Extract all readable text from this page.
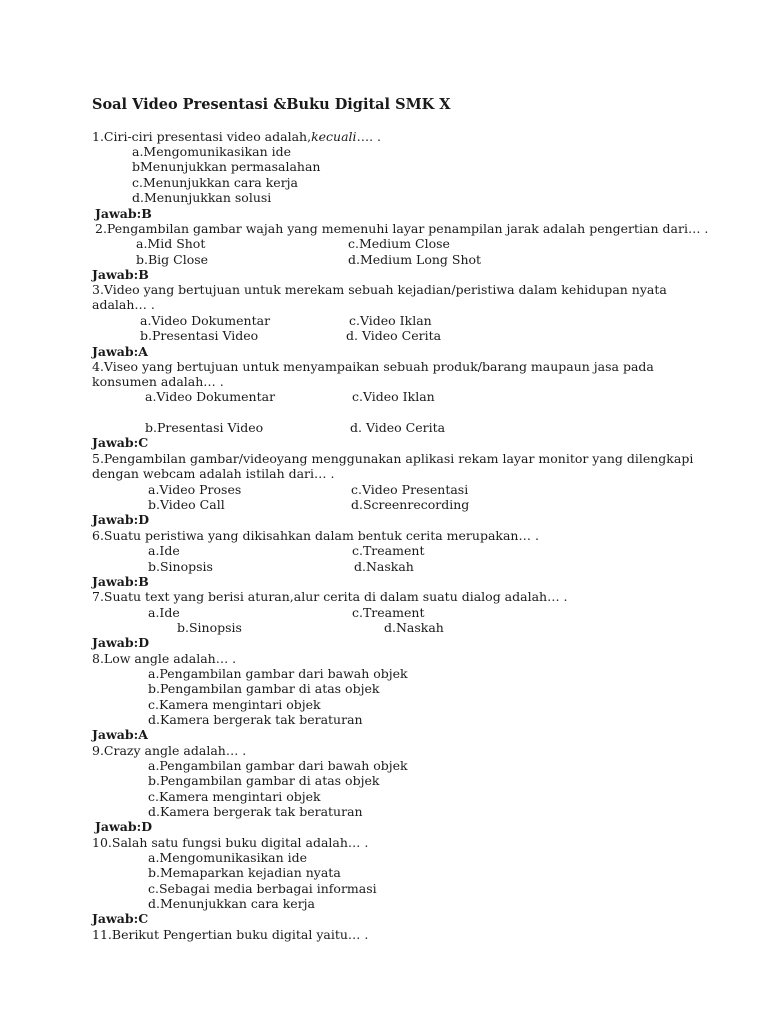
Soal Video Presentasi &Buku Digital SMK X
1.Ciri-ciri presentasi video adalah,kecuali…. .
a.Mengomunikasikan ide
bMenunjukkan permasalahan
c.Menunjukkan cara kerja
d.Menunjukkan solusi
Jawab:B
2.Pengambilan gambar wajah yang memenuhi layar penampilan jarak adalah pengertian dari… .
a.Mid Shot	c.Medium Close
b.Big Close	d.Medium Long Shot
Jawab:B
3.Video yang bertujuan untuk merekam sebuah kejadian/peristiwa dalam kehidupan nyata
adalah… .
a.Video Dokumentar	c.Video Iklan
b.Presentasi Video	d. Video Cerita
Jawab:A
4.Viseo yang bertujuan untuk menyampaikan sebuah produk/barang maupaun jasa pada
konsumen adalah… .
a.Video Dokumentar	c.Video Iklan
b.Presentasi Video	d. Video Cerita
Jawab:C
5.Pengambilan gambar/videoyang menggunakan aplikasi rekam layar monitor yang dilengkapi
dengan webcam adalah istilah dari… .
a.Video Proses	c.Video Presentasi
b.Video Call	d.Screenrecording
Jawab:D
6.Suatu peristiwa yang dikisahkan dalam bentuk cerita merupakan… .
a.Ide	c.Treament
b.Sinopsis	d.Naskah
Jawab:B
7.Suatu text yang berisi aturan,alur cerita di dalam suatu dialog adalah… .
a.Ide	c.Treament
b.Sinopsis	d.Naskah
Jawab:D
8.Low angle adalah… .
a.Pengambilan gambar dari bawah objek
b.Pengambilan gambar di atas objek
c.Kamera mengintari objek
d.Kamera bergerak tak beraturan
Jawab:A
9.Crazy angle adalah… .
a.Pengambilan gambar dari bawah objek
b.Pengambilan gambar di atas objek
c.Kamera mengintari objek
d.Kamera bergerak tak beraturan
Jawab:D
10.Salah satu fungsi buku digital adalah… .
a.Mengomunikasikan ide
b.Memaparkan kejadian nyata
c.Sebagai media berbagai informasi
d.Menunjukkan cara kerja
Jawab:C
11.Berikut Pengertian buku digital yaitu… .
